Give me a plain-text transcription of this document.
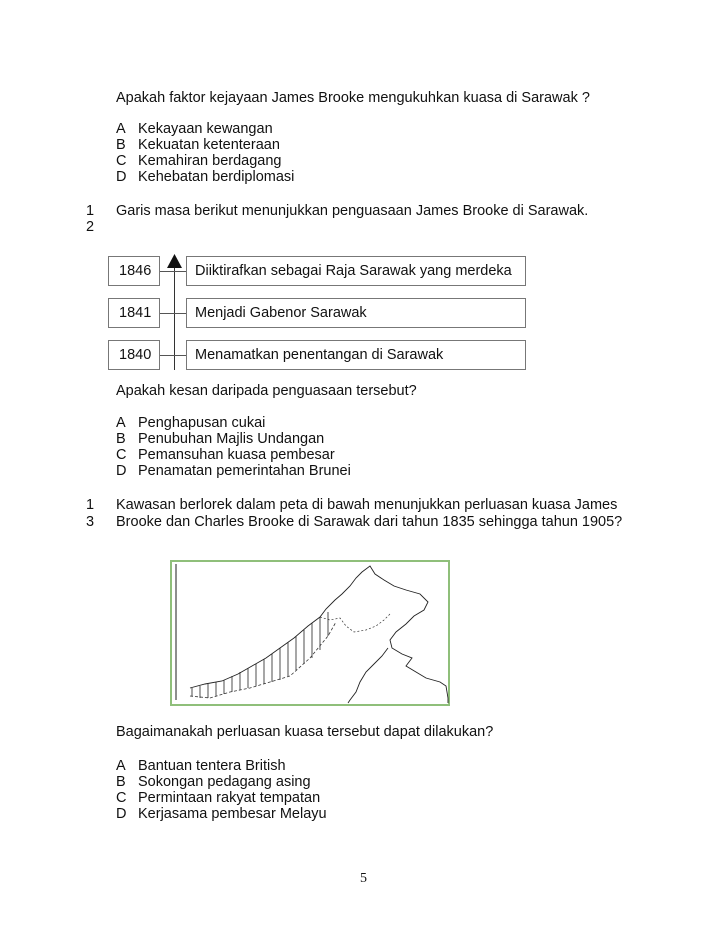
Apakah faktor kejayaan James Brooke mengukuhkan kuasa di Sarawak ?
A Kekayaan kewangan
B Kekuatan ketenteraan
C Kemahiran berdagang
D Kehebatan berdiplomasi
1
2
Garis masa berikut menunjukkan penguasaan James Brooke di Sarawak.
1846	Diiktirafkan sebagai Raja Sarawak yang merdeka
1841	Menjadi Gabenor Sarawak
1840	Menamatkan penentangan di Sarawak
Apakah kesan daripada penguasaan tersebut?
A Penghapusan cukai
B Penubuhan Majlis Undangan
C Pemansuhan kuasa pembesar
D Penamatan pemerintahan Brunei
1
3
Kawasan berlorek dalam peta di bawah menunjukkan perluasan kuasa James
Brooke dan Charles Brooke di Sarawak dari tahun 1835 sehingga tahun 1905?
Bagaimanakah perluasan kuasa tersebut dapat dilakukan?
A Bantuan tentera British
B Sokongan pedagang asing
C Permintaan rakyat tempatan
D Kerjasama pembesar Melayu
5
